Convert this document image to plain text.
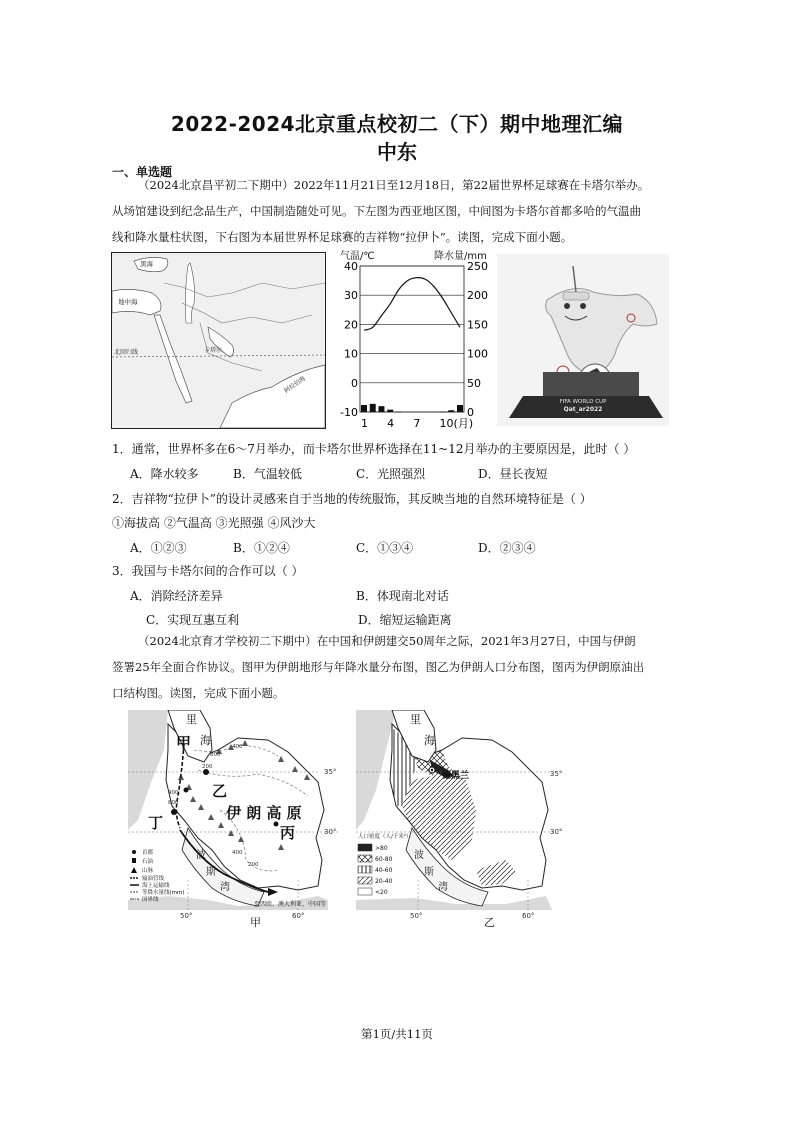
2022-2024北京重点校初二（下）期中地理汇编
中东
一、单选题
（2024北京昌平初二下期中）2022年11月21日至12月18日，第22届世界杯足球赛在卡塔尔举办。
从场馆建设到纪念品生产，中国制造随处可见。下左图为西亚地区图，中间图为卡塔尔首都多哈的气温曲
线和降水量柱状图，下右图为本届世界杯足球赛的吉祥物“拉伊卜”。读图，完成下面小题。
黑海
地中海
北回归线	卡塔尔
阿拉伯海
气温/℃	降水量/mm
40
30
20
10
0
-10
250
200
150
100
50
0
1 4 7 10(月)
FIFA WORLD CUP
Qat_ar2022
1．通常，世界杯多在6～7月举办，而卡塔尔世界杯选择在11~12月举办的主要原因是，此时（ ）
A．降水较多	B．气温较低	C．光照强烈	D．昼长夜短
2．吉祥物“拉伊卜”的设计灵感来自于当地的传统服饰，其反映当地的自然环境特征是（ ）
①海拔高 ②气温高 ③光照强 ④风沙大
A．①②③	B．①②④	C．①③④	D．②③④
3．我国与卡塔尔间的合作可以（ ）
A．消除经济差异	B．体现南北对话
C．实现互惠互利	D．缩短运输距离
（2024北京育才学校初二下期中）在中国和伊朗建交50周年之际，2021年3月27日，中国与伊朗
签署25年全面合作协议。图甲为伊朗地形与年降水量分布图，图乙为伊朗人口分布图，图丙为伊朗原油出
口结构图。读图，完成下面小题。
里
海
甲
乙
丙
丁
伊 朗 高 原
波
斯
湾
35°
30°
50°	60°
400
200
800
400
800
400
200
至西欧、澳大利亚、中国等
首都
石油
山脉
输油管线
海上运输线
等降水量线(mm)
国界线
甲
里
海
德黑兰
波
斯
湾
35°
30°
50°	60°
人口密度（人/千米²）
>80
60-80
40-60
20-40
<20
乙
第1页/共11页
